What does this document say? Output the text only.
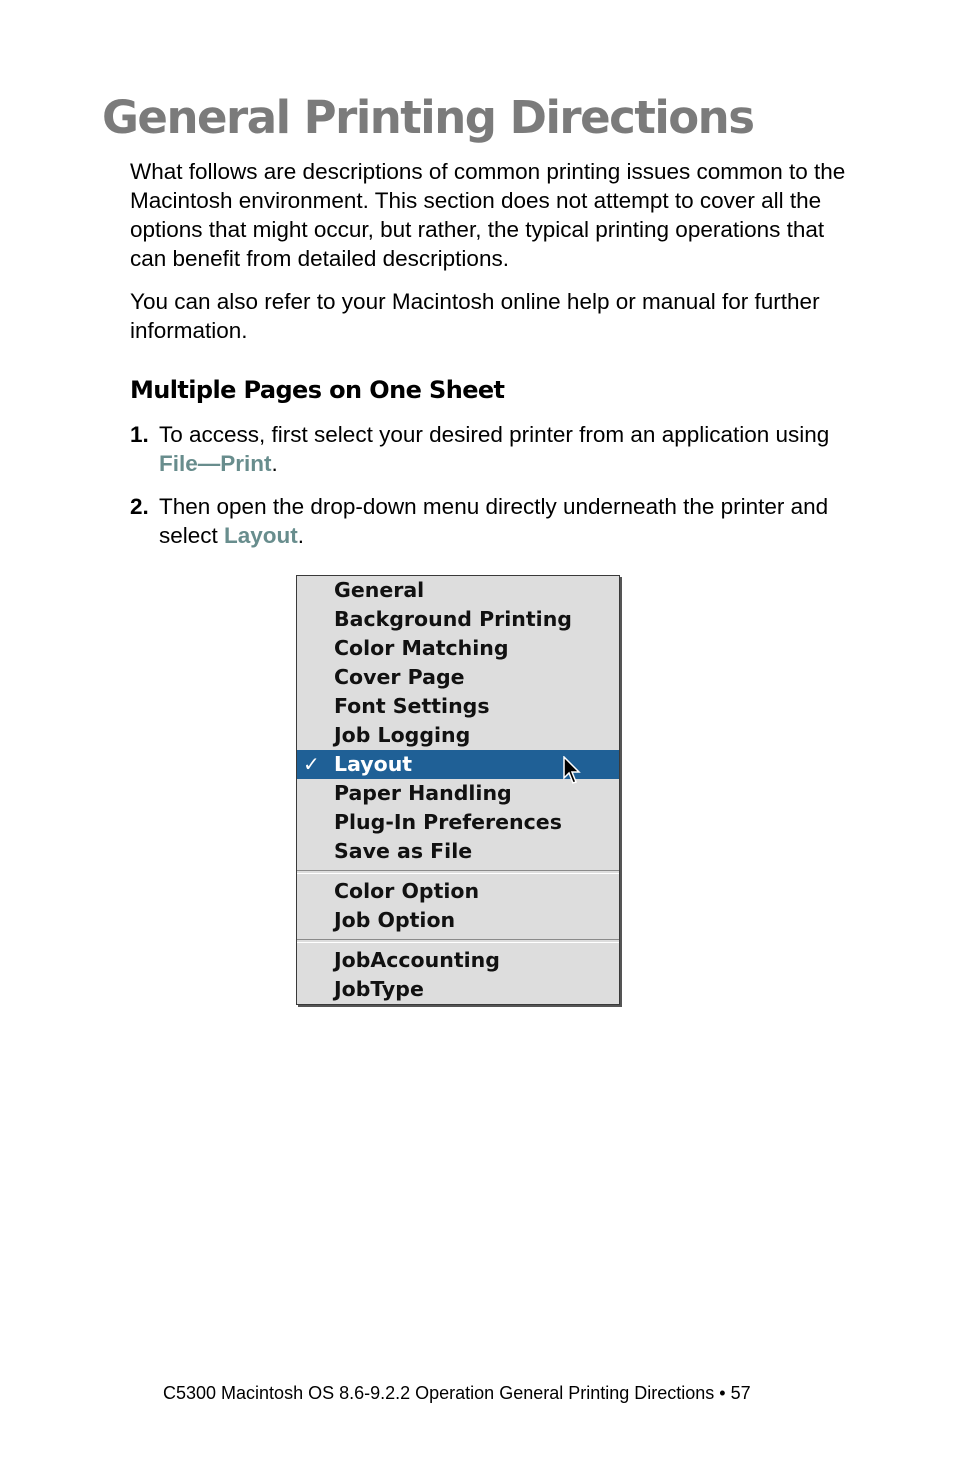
General Printing Directions

What follows are descriptions of common printing issues common to the Macintosh environment. This section does not attempt to cover all the options that might occur, but rather, the typical printing operations that can benefit from detailed descriptions.

You can also refer to your Macintosh online help or manual for further information.

Multiple Pages on One Sheet
1. To access, first select your desired printer from an application using File—Print.
2. Then open the drop-down menu directly underneath the printer and select Layout.
General
Background Printing
Color Matching
Cover Page
Font Settings
Job Logging
✓ Layout
Paper Handling
Plug-In Preferences
Save as File
Color Option
Job Option
JobAccounting
JobType

C5300 Macintosh OS 8.6-9.2.2 Operation General Printing Directions • 57
